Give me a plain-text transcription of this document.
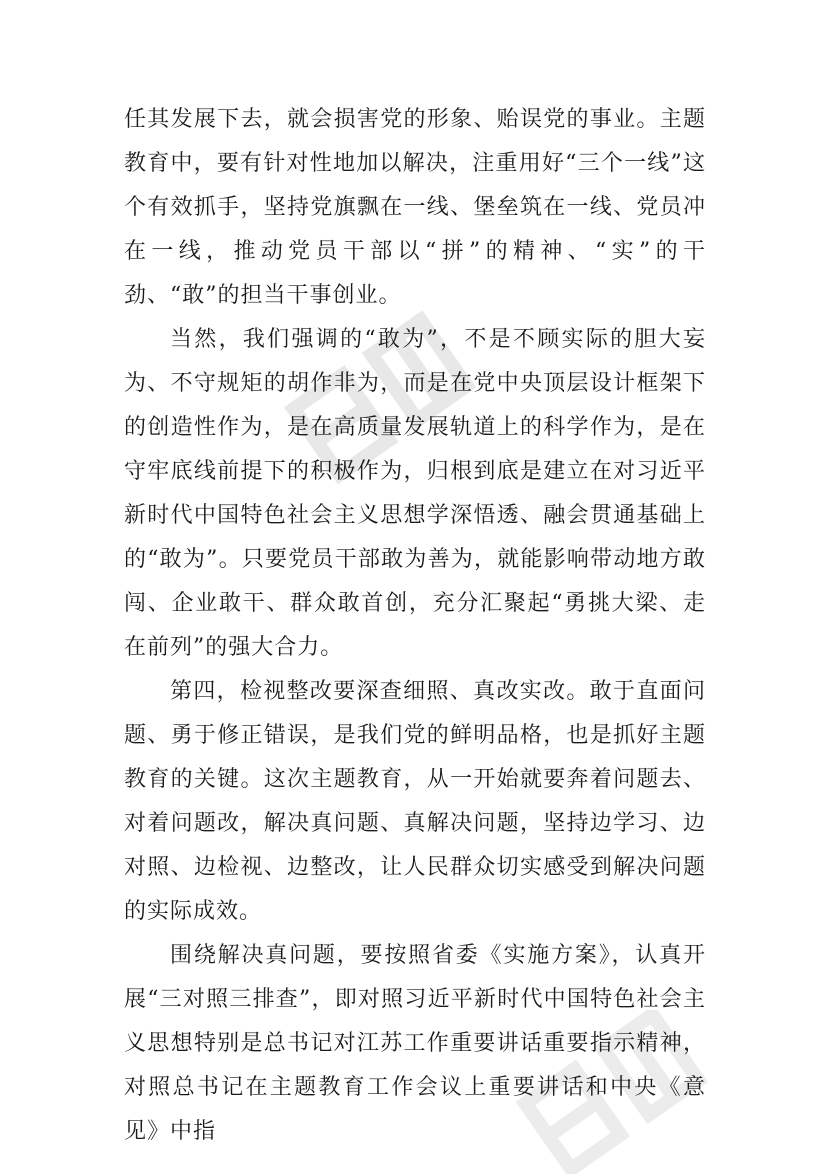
任其发展下去，就会损害党的形象、贻误党的事业。主题教育中，要有针对性地加以解决，注重用好“三个一线”这个有效抓手，坚持党旗飘在一线、堡垒筑在一线、党员冲在一线，推动党员干部以“拼”的精神、“实”的干劲、“敢”的担当干事创业。

当然，我们强调的“敢为”，不是不顾实际的胆大妄为、不守规矩的胡作非为，而是在党中央顶层设计框架下的创造性作为，是在高质量发展轨道上的科学作为，是在守牢底线前提下的积极作为，归根到底是建立在对习近平新时代中国特色社会主义思想学深悟透、融会贯通基础上的“敢为”。只要党员干部敢为善为，就能影响带动地方敢闯、企业敢干、群众敢首创，充分汇聚起“勇挑大梁、走在前列”的强大合力。

第四，检视整改要深查细照、真改实改。敢于直面问题、勇于修正错误，是我们党的鲜明品格，也是抓好主题教育的关键。这次主题教育，从一开始就要奔着问题去、对着问题改，解决真问题、真解决问题，坚持边学习、边对照、边检视、边整改，让人民群众切实感受到解决问题的实际成效。

围绕解决真问题，要按照省委《实施方案》，认真开展“三对照三排查”，即对照习近平新时代中国特色社会主义思想特别是总书记对江苏工作重要讲话重要指示精神，对照总书记在主题教育工作会议上重要讲话和中央《意见》中指
